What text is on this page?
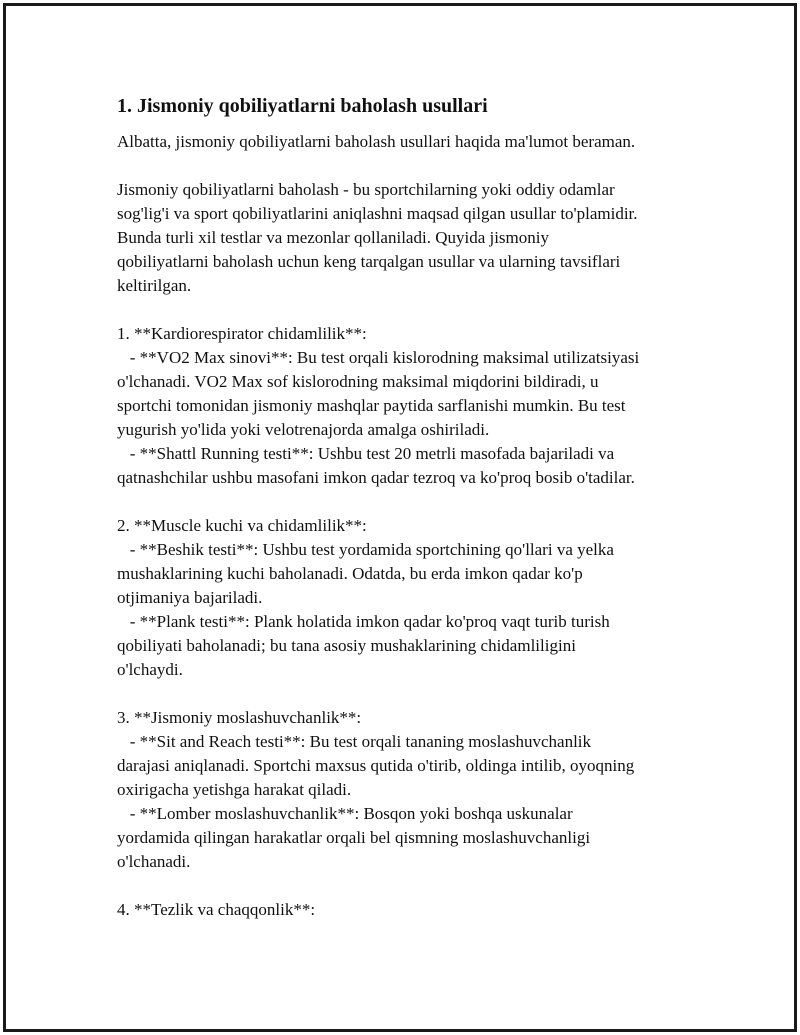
1. Jismoniy qobiliyatlarni baholash usullari
Albatta, jismoniy qobiliyatlarni baholash usullari haqida ma'lumot beraman.
Jismoniy qobiliyatlarni baholash - bu sportchilarning yoki oddiy odamlar
sog'lig'i va sport qobiliyatlarini aniqlashni maqsad qilgan usullar to'plamidir.
Bunda turli xil testlar va mezonlar qollaniladi. Quyida jismoniy
qobiliyatlarni baholash uchun keng tarqalgan usullar va ularning tavsiflari
keltirilgan.
1. **Kardiorespirator chidamlilik**:
- **VO2 Max sinovi**: Bu test orqali kislorodning maksimal utilizatsiyasi
o'lchanadi. VO2 Max sof kislorodning maksimal miqdorini bildiradi, u
sportchi tomonidan jismoniy mashqlar paytida sarflanishi mumkin. Bu test
yugurish yo'lida yoki velotrenajorda amalga oshiriladi.
- **Shattl Running testi**: Ushbu test 20 metrli masofada bajariladi va
qatnashchilar ushbu masofani imkon qadar tezroq va ko'proq bosib o'tadilar.
2. **Muscle kuchi va chidamlilik**:
- **Beshik testi**: Ushbu test yordamida sportchining qo'llari va yelka
mushaklarining kuchi baholanadi. Odatda, bu erda imkon qadar ko'p
otjimaniya bajariladi.
- **Plank testi**: Plank holatida imkon qadar ko'proq vaqt turib turish
qobiliyati baholanadi; bu tana asosiy mushaklarining chidamliligini
o'lchaydi.
3. **Jismoniy moslashuvchanlik**:
- **Sit and Reach testi**: Bu test orqali tananing moslashuvchanlik
darajasi aniqlanadi. Sportchi maxsus qutida o'tirib, oldinga intilib, oyoqning
oxirigacha yetishga harakat qiladi.
- **Lomber moslashuvchanlik**: Bosqon yoki boshqa uskunalar
yordamida qilingan harakatlar orqali bel qismning moslashuvchanligi
o'lchanadi.
4. **Tezlik va chaqqonlik**:
